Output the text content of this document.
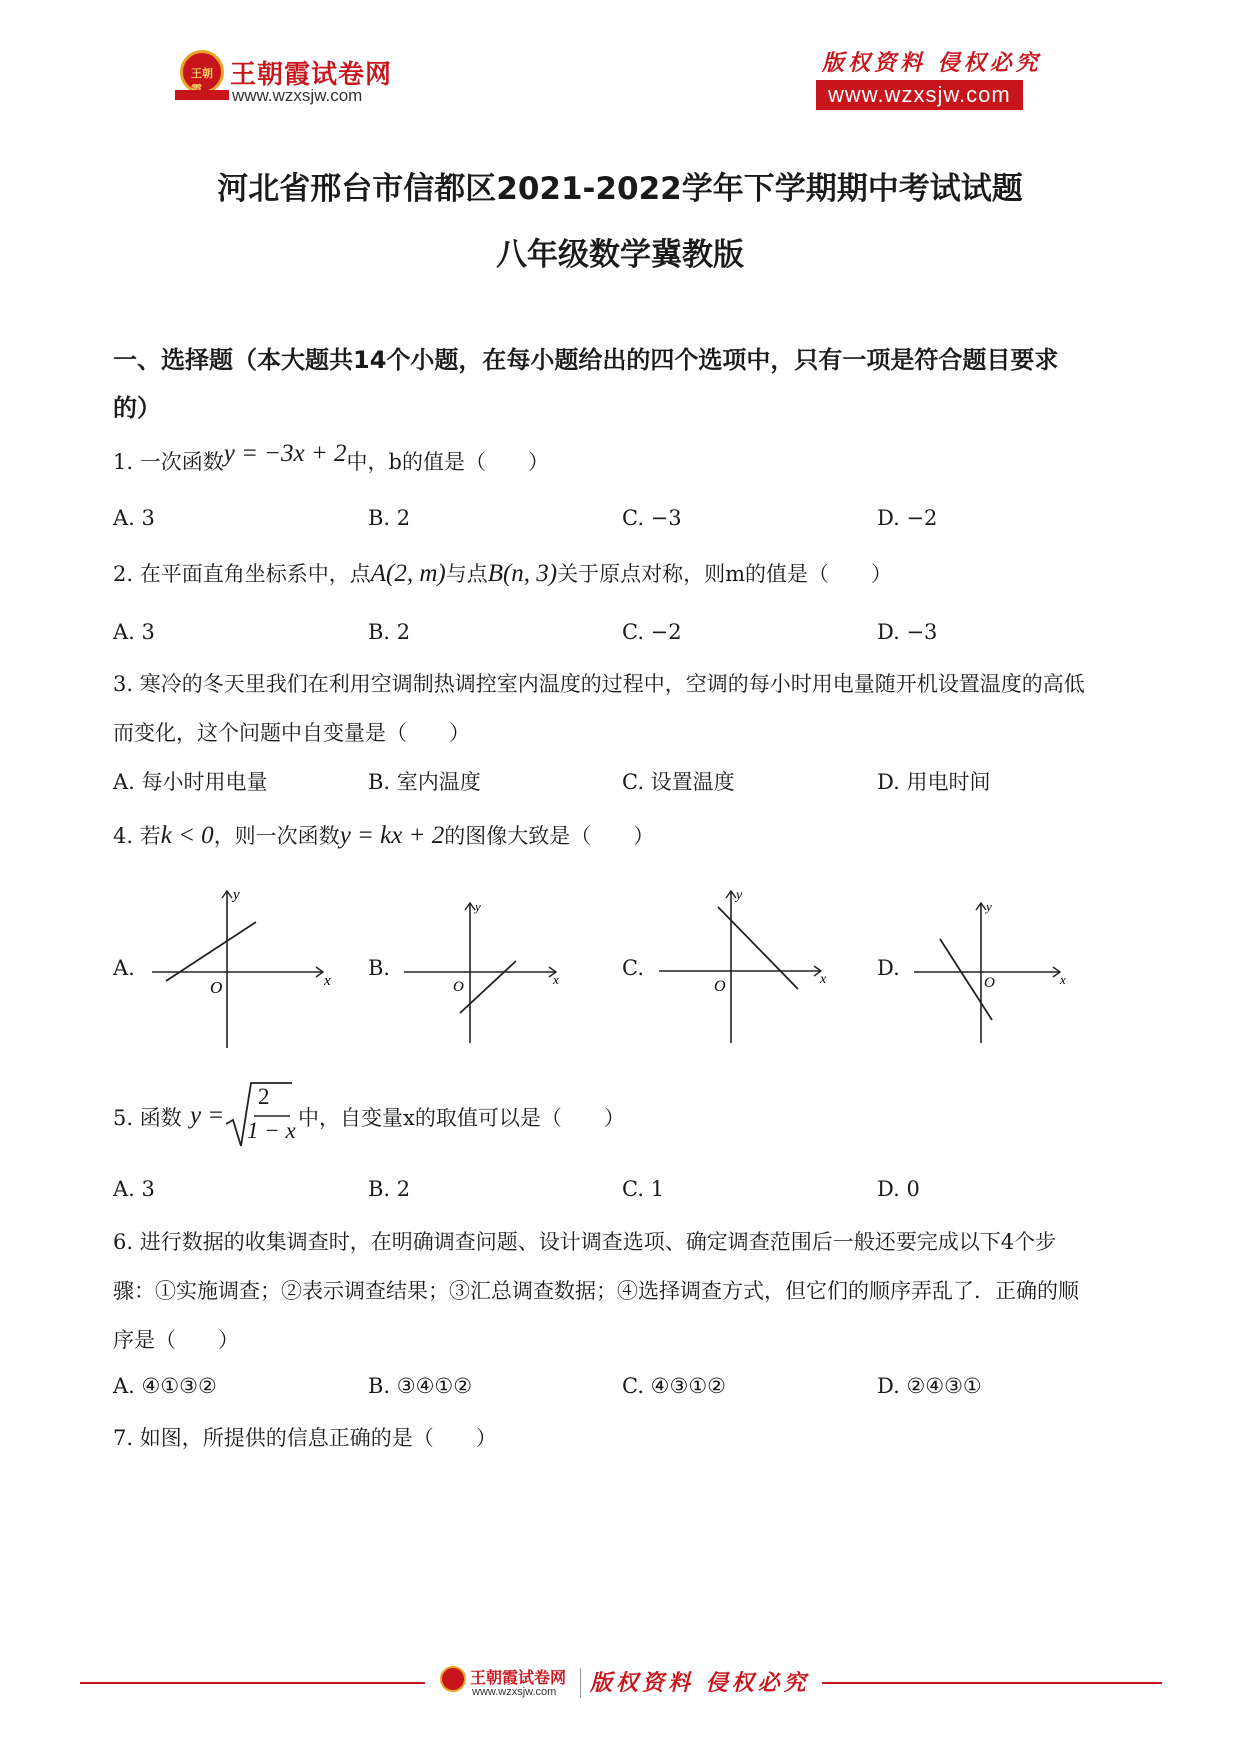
王朝 王朝霞试卷网
www.wzxsjw.com
版权资料 侵权必究
www.wzxsjw.com
河北省邢台市信都区2021-2022学年下学期期中考试试题
八年级数学冀教版
一、选择题（本大题共14个小题，在每小题给出的四个选项中，只有一项是符合题目要求
的）
1. 一次函数y = −3x + 2中，b的值是（　　）
A. 3	B. 2	C. −3	D. −2
2. 在平面直角坐标系中，点A(2, m)与点B(n, 3)关于原点对称，则m的值是（　　）
A. 3	B. 2	C. −2	D. −3
3. 寒冷的冬天里我们在利用空调制热调控室内温度的过程中，空调的每小时用电量随开机设置温度的高低
而变化，这个问题中自变量是（　　）
A. 每小时用电量	B. 室内温度	C. 设置温度	D. 用电时间
4. 若k < 0，则一次函数y = kx + 2的图像大致是（　　）
A.	B.	C.	D.
x
y
O	x
y
O	x
y
O	x
y
O
5. 函数 y =
2
1 − x 中，自变量x的取值可以是（　　）
A. 3	B. 2	C. 1	D. 0
6. 进行数据的收集调查时，在明确调查问题、设计调查选项、确定调查范围后一般还要完成以下4个步
骤：①实施调查；②表示调查结果；③汇总调查数据；④选择调查方式，但它们的顺序弄乱了．正确的顺
序是（　　）
A. ④①③②	B. ③④①②	C. ④③①②	D. ②④③①
7. 如图，所提供的信息正确的是（　　）
王朝霞试卷网
www.wzxsjw.com 版权资料 侵权必究
